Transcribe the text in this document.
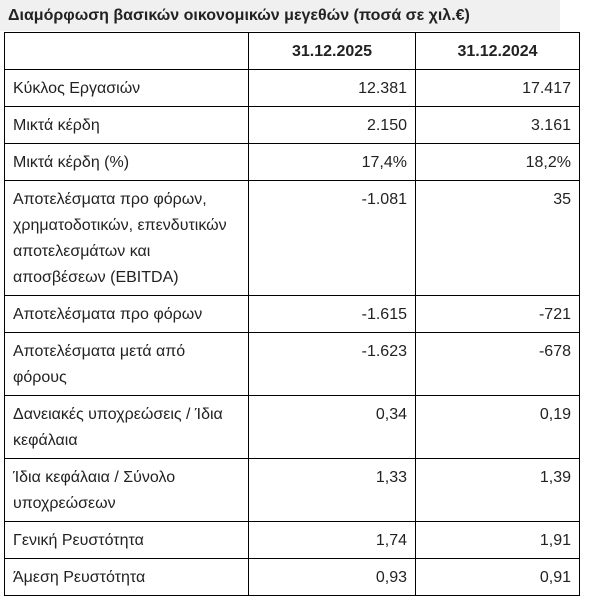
Διαμόρφωση βασικών οικονομικών μεγεθών (ποσά σε χιλ.€)
	31.12.2025	31.12.2024
Κύκλος Εργασιών	12.381	17.417
Μικτά κέρδη	2.150	3.161
Μικτά κέρδη (%)	17,4%	18,2%
Αποτελέσματα προ φόρων, χρηματοδοτικών, επενδυτικών αποτελεσμάτων και αποσβέσεων (EBITDA)	-1.081	35
Αποτελέσματα προ φόρων	-1.615	-721
Αποτελέσματα μετά από φόρους	-1.623	-678
Δανειακές υποχρεώσεις / Ίδια κεφάλαια	0,34	0,19
Ίδια κεφάλαια / Σύνολο υποχρεώσεων	1,33	1,39
Γενική Ρευστότητα	1,74	1,91
Άμεση Ρευστότητα	0,93	0,91
